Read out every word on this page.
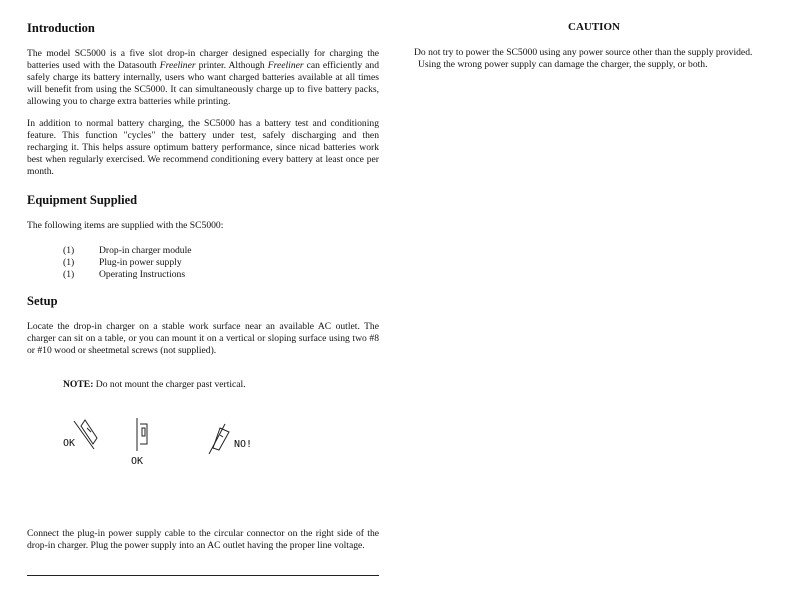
Introduction

The model SC5000 is a five slot drop-in charger designed especially for charging the batteries used with the Datasouth Freeliner printer. Although Freeliner can efficiently and safely charge its battery internally, users who want charged batteries available at all times will benefit from using the SC5000. It can simultaneously charge up to five battery packs, allowing you to charge extra batteries while printing.

In addition to normal battery charging, the SC5000 has a battery test and conditioning feature. This function "cycles" the battery under test, safely discharging and then recharging it. This helps assure optimum battery performance, since nicad batteries work best when regularly exercised. We recommend conditioning every battery at least once per month.

Equipment Supplied

The following items are supplied with the SC5000:

(1)	Drop-in charger module
(1)	Plug-in power supply
(1)	Operating Instructions
Setup

Locate the drop-in charger on a stable work surface near an available AC outlet. The charger can sit on a table, or you can mount it on a vertical or sloping surface using two #8 or #10 wood or sheetmetal screws (not supplied).

NOTE: Do not mount the charger past vertical.
OK
OK
NO!

Connect the plug-in power supply cable to the circular connector on the right side of the drop-in charger. Plug the power supply into an AC outlet having the proper line voltage.

CAUTION
Do not try to power the SC5000 using any power source other than the supply provided.
Using the wrong power supply can damage the charger, the supply, or both.
